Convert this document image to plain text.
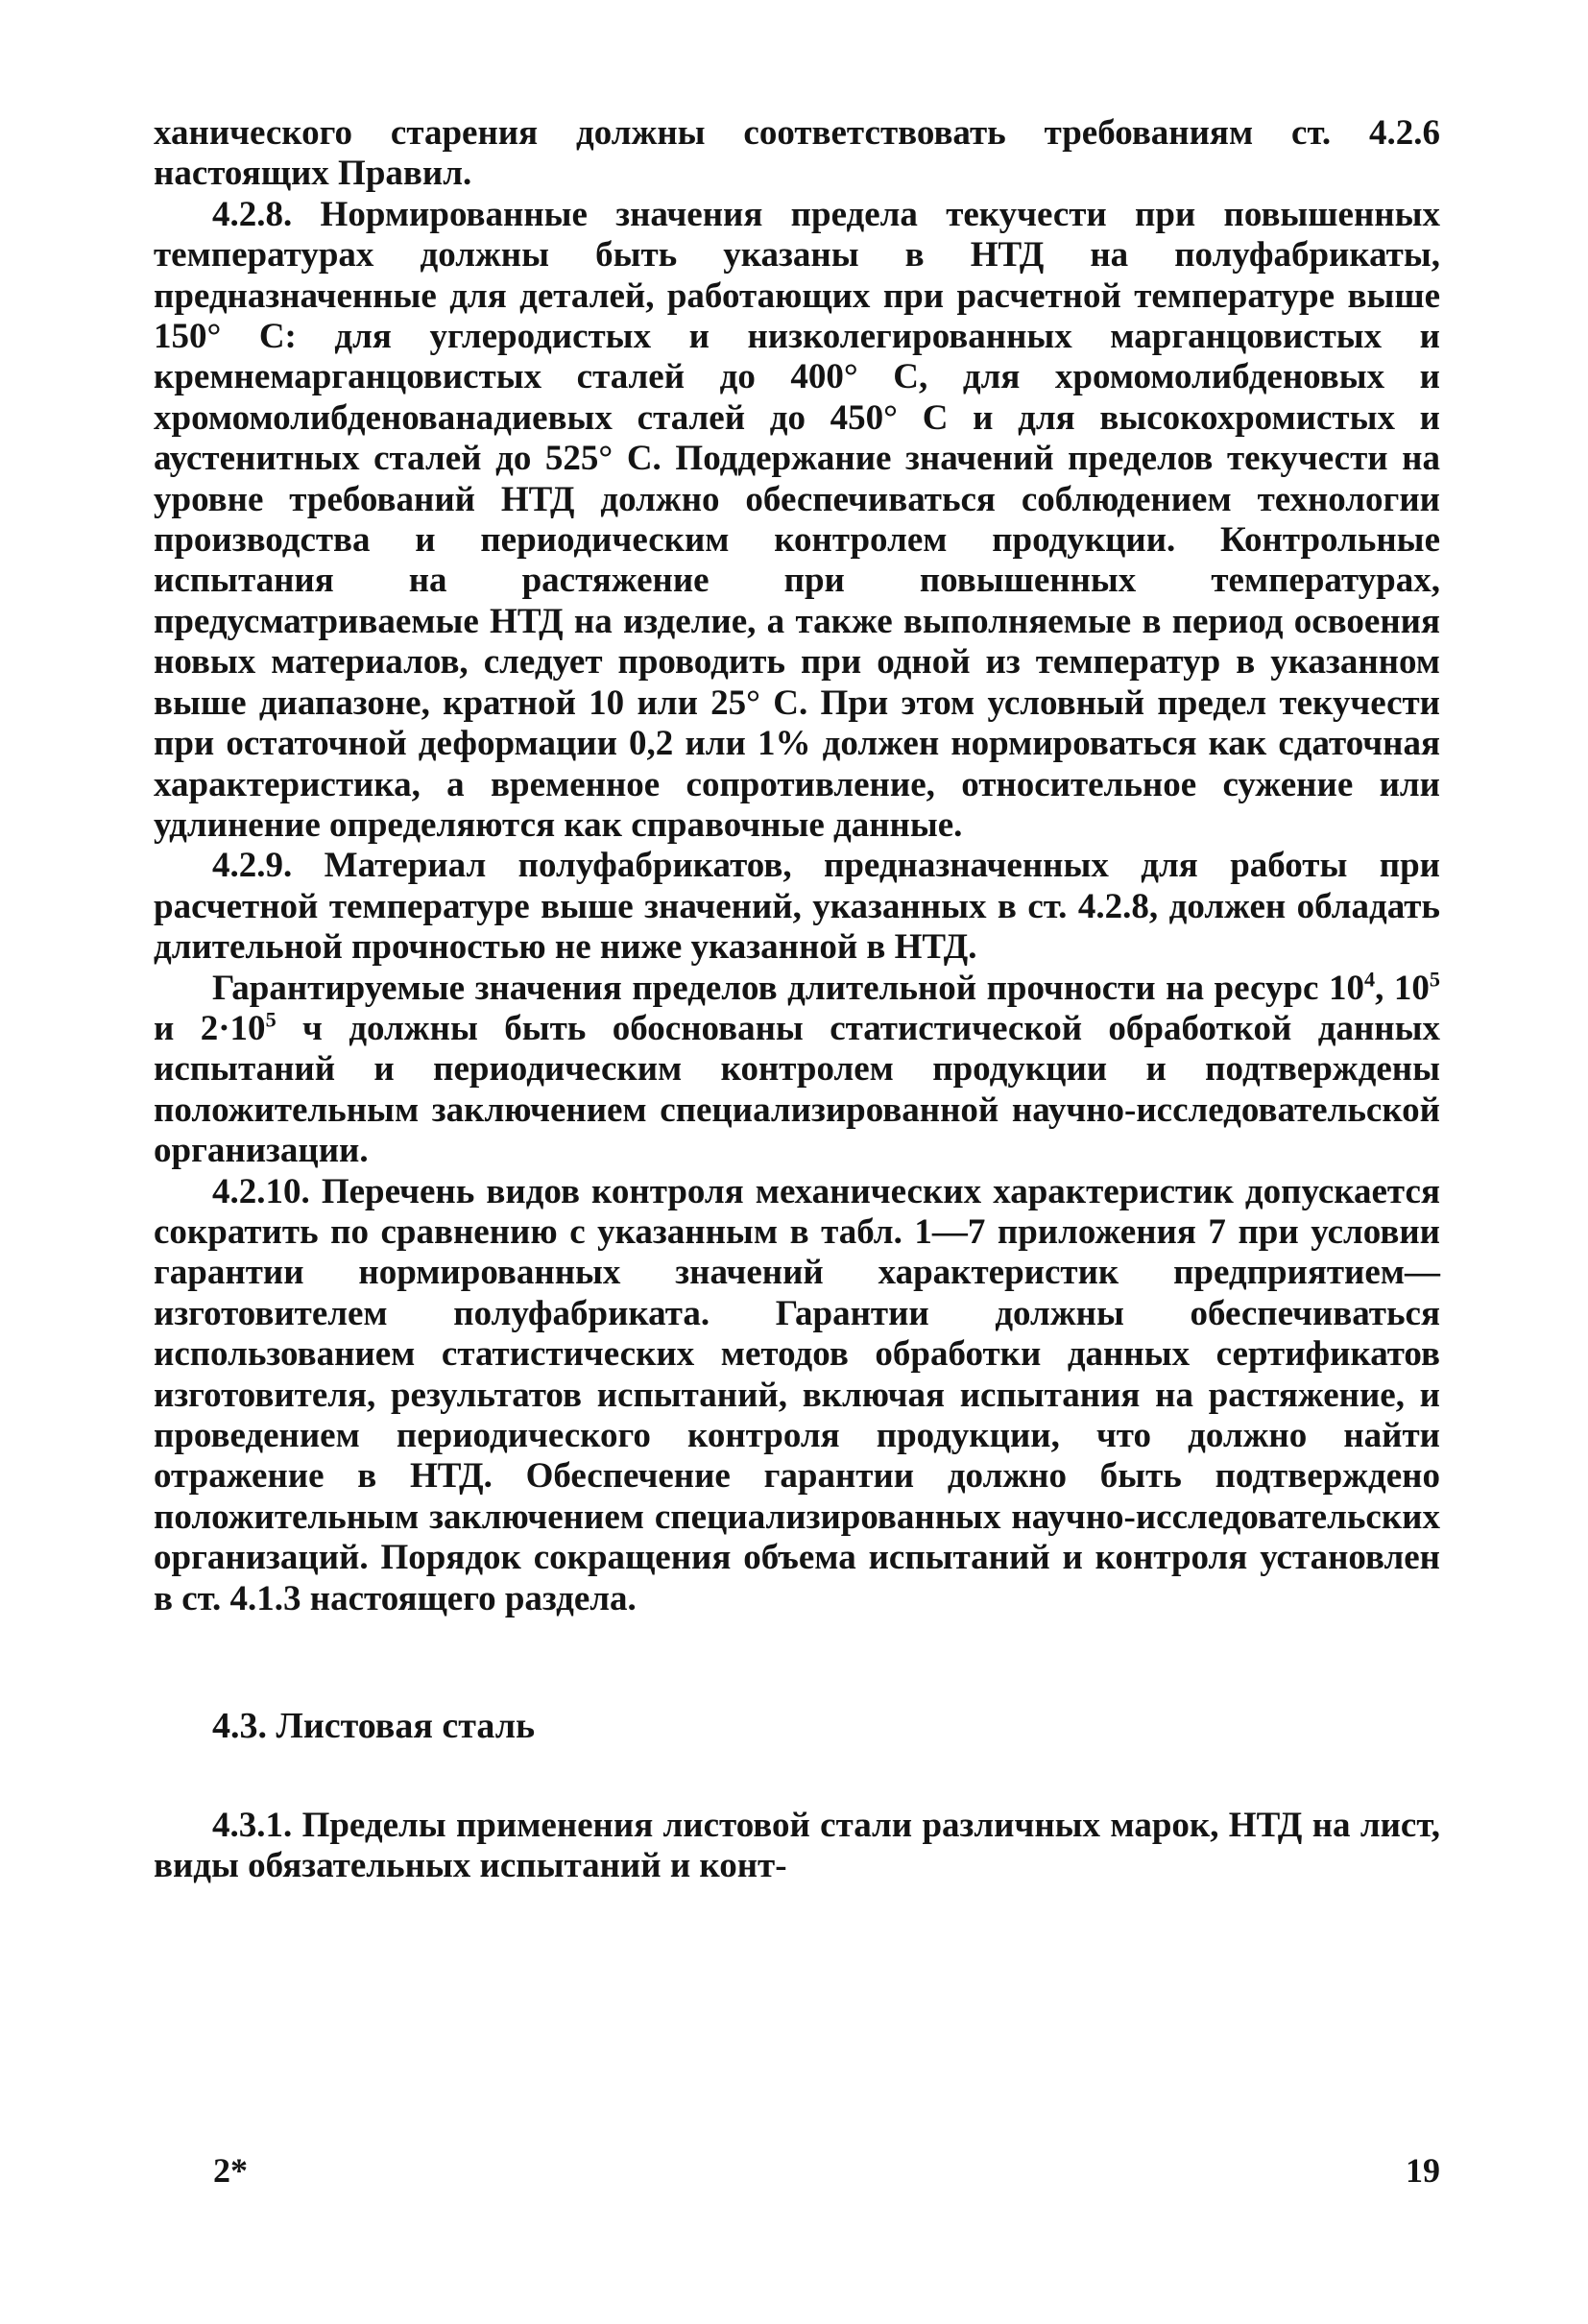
ханического старения должны соответствовать требованиям ст. 4.2.6 настоящих Правил.

4.2.8. Нормированные значения предела текучести при повышенных температурах должны быть указаны в НТД на полуфабрикаты, предназначенные для деталей, работающих при расчетной температуре выше 150° С: для углеродистых и низколегированных марганцовистых и кремнемарганцовистых сталей до 400° С, для хромомолибденовых и хромомолибденованадиевых сталей до 450° С и для высокохромистых и аустенитных сталей до 525° С. Поддержание значений пределов текучести на уровне требований НТД должно обеспечиваться соблюдением технологии производства и периодическим контролем продукции. Контрольные испытания на растяжение при повышенных температурах, предусматриваемые НТД на изделие, а также выполняемые в период освоения новых материалов, следует проводить при одной из температур в указанном выше диапазоне, кратной 10 или 25° С. При этом условный предел текучести при остаточной деформации 0,2 или 1% должен нормироваться как сдаточная характеристика, а временное сопротивление, относительное сужение или удлинение определяются как справочные данные.

4.2.9. Материал полуфабрикатов, предназначенных для работы при расчетной температуре выше значений, указанных в ст. 4.2.8, должен обладать длительной прочностью не ниже указанной в НТД.

Гарантируемые значения пределов длительной прочности на ресурс $10^4$, $10^5$ и $2\cdot 10^5$ ч должны быть обоснованы статистической обработкой данных испытаний и периодическим контролем продукции и подтверждены положительным заключением специализированной научно-исследовательской организации.

4.2.10. Перечень видов контроля механических характеристик допускается сократить по сравнению с указанным в табл. 1—7 приложения 7 при условии гарантии нормированных значений характеристик предприятием—изготовителем полуфабриката. Гарантии должны обеспечиваться использованием статистических методов обработки данных сертификатов изготовителя, результатов испытаний, включая испытания на растяжение, и проведением периодического контроля продукции, что должно найти отражение в НТД. Обеспечение гарантии должно быть подтверждено положительным заключением специализированных научно-исследовательских организаций. Порядок сокращения объема испытаний и контроля установлен в ст. 4.1.3 настоящего раздела.

4.3. Листовая сталь

4.3.1. Пределы применения листовой стали различных марок, НТД на лист, виды обязательных испытаний и конт-

2*	19
